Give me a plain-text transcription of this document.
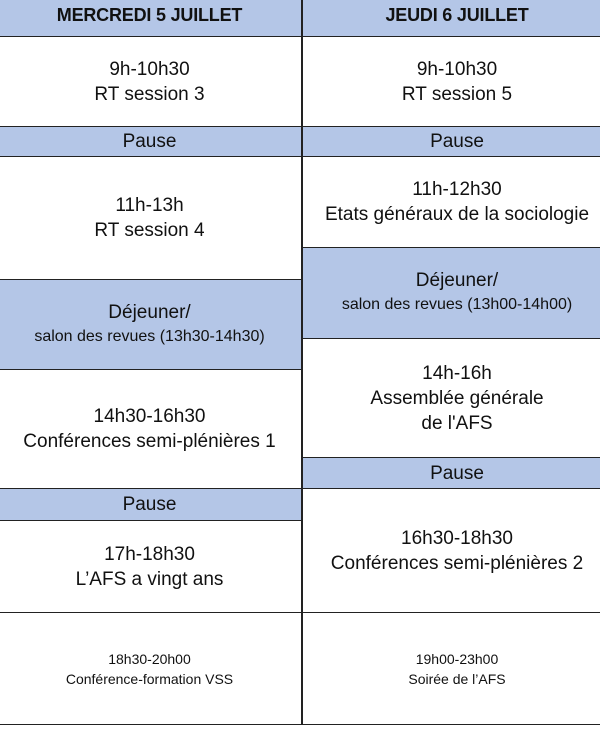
MERCREDI 5 JUILLET
9h-10h30
RT session 3
Pause
11h-13h
RT session 4
Déjeuner/
salon des revues (13h30-14h30)
14h30-16h30
Conférences semi-plénières 1
Pause
17h-18h30
L’AFS a vingt ans
18h30-20h00
Conférence-formation VSS
JEUDI 6 JUILLET
9h-10h30
RT session 5
Pause
11h-12h30
Etats généraux de la sociologie
Déjeuner/
salon des revues (13h00-14h00)
14h-16h
Assemblée générale
de l'AFS
Pause
16h30-18h30
Conférences semi-plénières 2
19h00-23h00
Soirée de l’AFS
